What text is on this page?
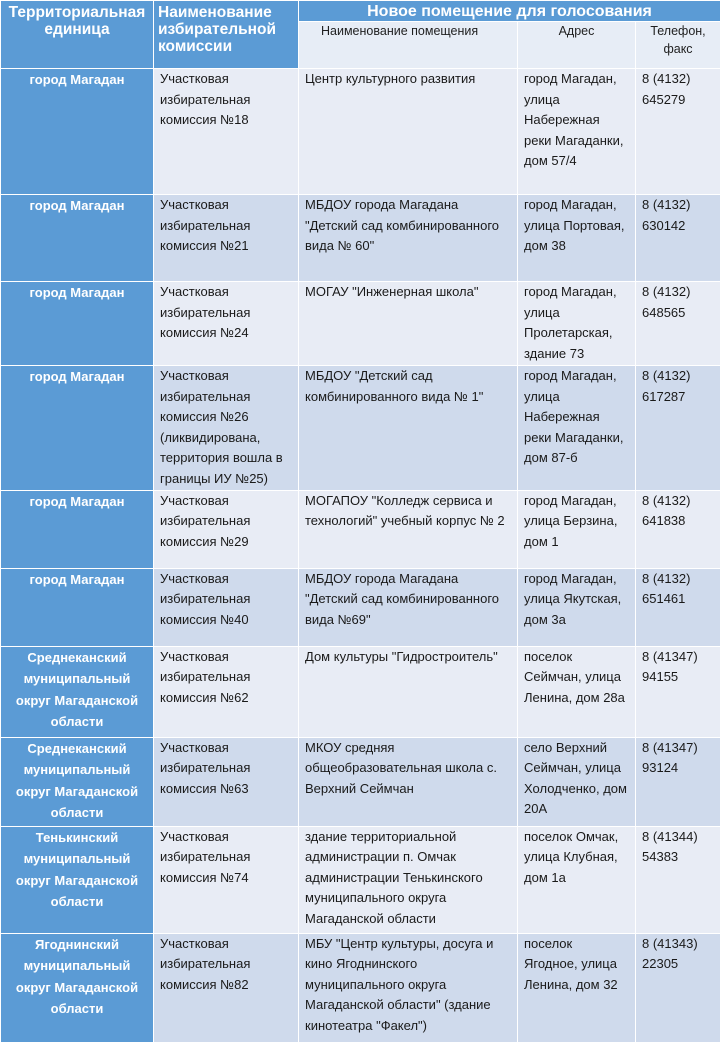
Территориальная единица	Наименование избирательной комиссии	Новое помещение для голосования		
		Наименование помещения	Адрес	Телефон, факс
город Магадан	Участковая избирательная комиссия №18	Центр культурного развития	город Магадан, улица Набережная реки Магаданки, дом 57/4	8 (4132) 645279
город Магадан	Участковая избирательная комиссия №21	МБДОУ города Магадана "Детский сад комбинированного вида № 60"	город Магадан, улица Портовая, дом 38	8 (4132) 630142
город Магадан	Участковая избирательная комиссия №24	МОГАУ "Инженерная школа"	город Магадан, улица Пролетарская, здание 73	8 (4132) 648565
город Магадан	Участковая избирательная комиссия №26 (ликвидирована, территория вошла в границы ИУ №25)	МБДОУ "Детский сад комбинированного вида № 1"	город Магадан, улица Набережная реки Магаданки, дом 87-б	8 (4132) 617287
город Магадан	Участковая избирательная комиссия №29	МОГАПОУ "Колледж сервиса и технологий" учебный корпус № 2	город Магадан, улица Берзина, дом 1	8 (4132) 641838
город Магадан	Участковая избирательная комиссия №40	МБДОУ города Магадана "Детский сад комбинированного вида №69"	город Магадан, улица Якутская, дом 3а	8 (4132) 651461
Среднеканский муниципальный округ Магаданской области	Участковая избирательная комиссия №62	Дом культуры "Гидростроитель"	поселок Сеймчан, улица Ленина, дом 28а	8 (41347) 94155
Среднеканский муниципальный округ Магаданской области	Участковая избирательная комиссия №63	МКОУ средняя общеобразовательная школа с. Верхний Сеймчан	село Верхний Сеймчан, улица Холодченко, дом 20А	8 (41347) 93124
Тенькинский муниципальный округ Магаданской области	Участковая избирательная комиссия №74	здание территориальной администрации п. Омчак администрации Тенькинского муниципального округа Магаданской области	поселок Омчак, улица Клубная, дом 1а	8 (41344) 54383
Ягоднинский муниципальный округ Магаданской области	Участковая избирательная комиссия №82	МБУ "Центр культуры, досуга и кино Ягоднинского муниципального округа Магаданской области" (здание кинотеатра "Факел")	поселок Ягодное, улица Ленина, дом 32	8 (41343) 22305
